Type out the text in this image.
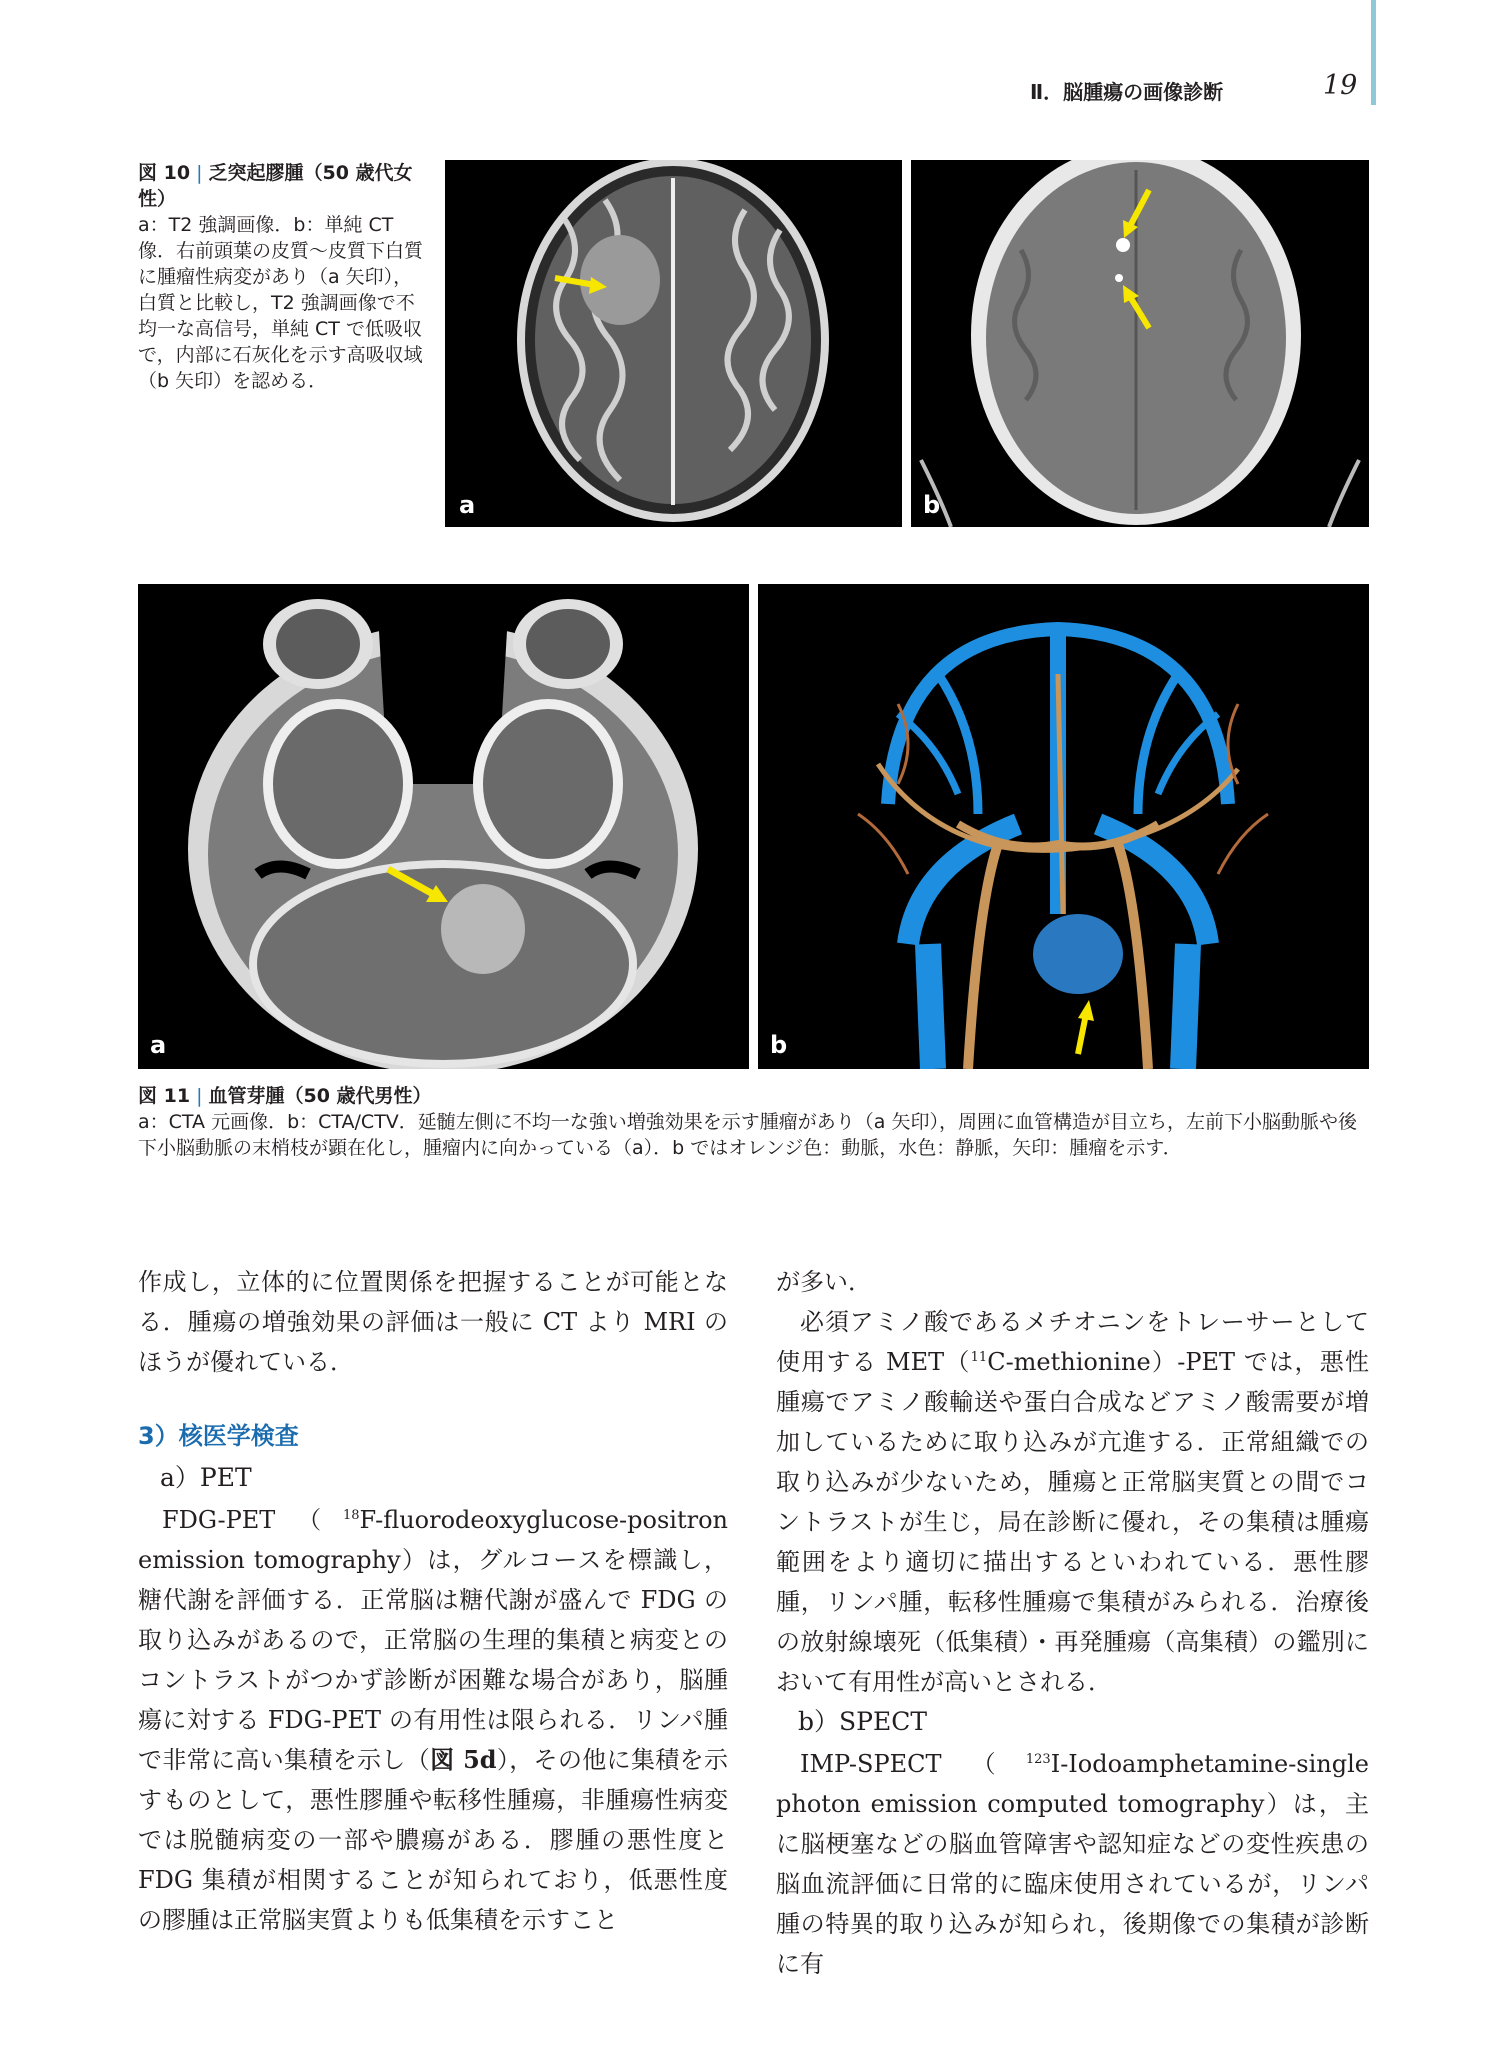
Ⅱ．脳腫瘍の画像診断	19
図 10 | 乏突起膠腫（50 歳代女性）
a：T2 強調画像．b：単純 CT 像．右前頭葉の皮質～皮質下白質に腫瘤性病変があり（a 矢印），白質と比較し，T2 強調画像で不均一な高信号，単純 CT で低吸収で，内部に石灰化を示す高吸収域（b 矢印）を認める．
a	b
a	b
図 11 | 血管芽腫（50 歳代男性）
a：CTA 元画像．b：CTA/CTV．延髄左側に不均一な強い増強効果を示す腫瘤があり（a 矢印），周囲に血管構造が目立ち，左前下小脳動脈や後下小脳動脈の末梢枝が顕在化し，腫瘤内に向かっている（a）．b ではオレンジ色：動脈，水色：静脈，矢印：腫瘤を示す．

作成し，立体的に位置関係を把握することが可能となる．腫瘍の増強効果の評価は一般に CT より MRI のほうが優れている．

3）核医学検査
a）PET

FDG-PET（$^{18}$F-fluorodeoxyglucose-positron emission tomography）は，グルコースを標識し，糖代謝を評価する．正常脳は糖代謝が盛んで FDG の取り込みがあるので，正常脳の生理的集積と病変とのコントラストがつかず診断が困難な場合があり，脳腫瘍に対する FDG-PET の有用性は限られる．リンパ腫で非常に高い集積を示し（図 5d），その他に集積を示すものとして，悪性膠腫や転移性腫瘍，非腫瘍性病変では脱髄病変の一部や膿瘍がある．膠腫の悪性度と FDG 集積が相関することが知られており，低悪性度の膠腫は正常脳実質よりも低集積を示すこと

が多い．

必須アミノ酸であるメチオニンをトレーサーとして使用する MET（$^{11}$C-methionine）-PET では，悪性腫瘍でアミノ酸輸送や蛋白合成などアミノ酸需要が増加しているために取り込みが亢進する．正常組織での取り込みが少ないため，腫瘍と正常脳実質との間でコントラストが生じ，局在診断に優れ，その集積は腫瘍範囲をより適切に描出するといわれている．悪性膠腫，リンパ腫，転移性腫瘍で集積がみられる．治療後の放射線壊死（低集積）・再発腫瘍（高集積）の鑑別において有用性が高いとされる．

b）SPECT

IMP-SPECT（$^{123}$I-Iodoamphetamine-single photon emission computed tomography）は，主に脳梗塞などの脳血管障害や認知症などの変性疾患の脳血流評価に日常的に臨床使用されているが，リンパ腫の特異的取り込みが知られ，後期像での集積が診断に有
